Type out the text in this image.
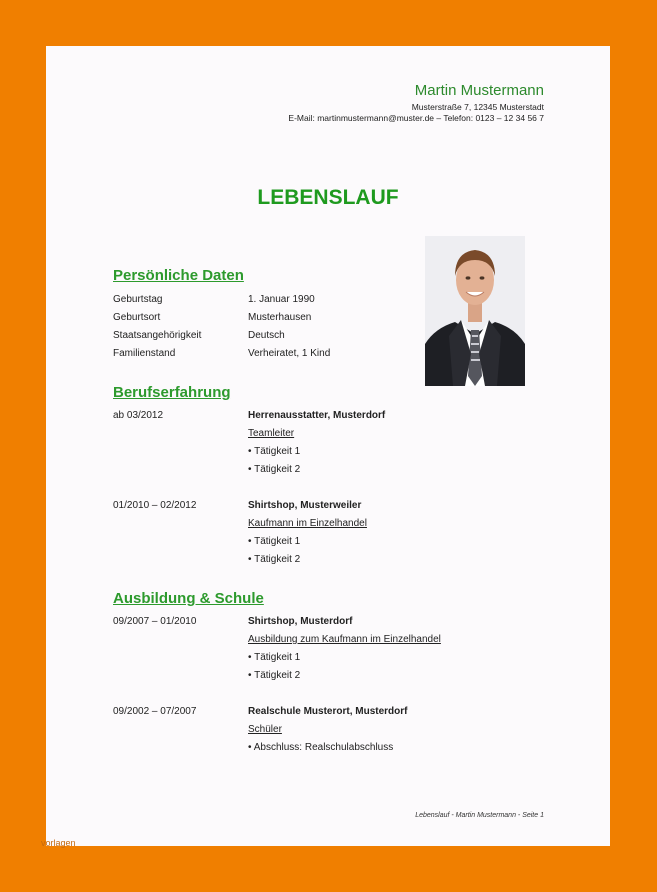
Martin Mustermann
Musterstraße 7, 12345 Musterstadt
E-Mail: martinmustermann@muster.de – Telefon: 0123 – 12 34 56 7
LEBENSLAUF
Persönliche Daten
Geburtstag	1. Januar 1990
Geburtsort	Musterhausen
Staatsangehörigkeit	Deutsch
Familienstand	Verheiratet, 1 Kind
Berufserfahrung
ab 03/2012	Herrenausstatter, Musterdorf
Teamleiter
• Tätigkeit 1
• Tätigkeit 2
01/2010 – 02/2012	Shirtshop, Musterweiler
Kaufmann im Einzelhandel
• Tätigkeit 1
• Tätigkeit 2
Ausbildung & Schule
09/2007 – 01/2010	Shirtshop, Musterdorf
Ausbildung zum Kaufmann im Einzelhandel
• Tätigkeit 1
• Tätigkeit 2
09/2002 – 07/2007	Realschule Musterort, Musterdorf
Schüler
• Abschluss: Realschulabschluss
Lebenslauf - Martin Mustermann - Seite 1
vorlagen
